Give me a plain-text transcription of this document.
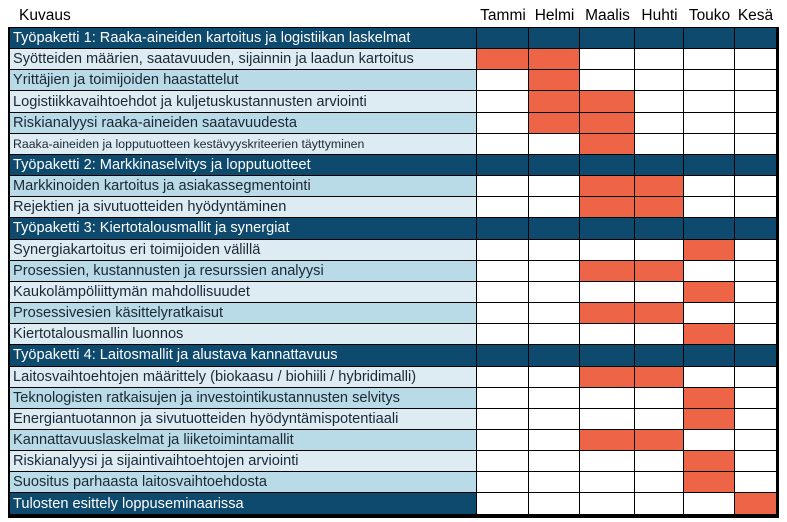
Kuvaus	Tammi Helmi Maalis Huhti Touko Kesä
Työpaketti 1: Raaka-aineiden kartoitus ja logistiikan laskelmat
Syötteiden määrien, saatavuuden, sijainnin ja laadun kartoitus
Yrittäjien ja toimijoiden haastattelut
Logistiikkavaihtoehdot ja kuljetuskustannusten arviointi
Riskianalyysi raaka-aineiden saatavuudesta
Raaka-aineiden ja lopputuotteen kestävyyskriteerien täyttyminen
Työpaketti 2: Markkinaselvitys ja lopputuotteet
Markkinoiden kartoitus ja asiakassegmentointi
Rejektien ja sivutuotteiden hyödyntäminen
Työpaketti 3: Kiertotalousmallit ja synergiat
Synergiakartoitus eri toimijoiden välillä
Prosessien, kustannusten ja resurssien analyysi
Kaukolämpöliittymän mahdollisuudet
Prosessivesien käsittelyratkaisut
Kiertotalousmallin luonnos
Työpaketti 4: Laitosmallit ja alustava kannattavuus
Laitosvaihtoehtojen määrittely (biokaasu / biohiili / hybridimalli)
Teknologisten ratkaisujen ja investointikustannusten selvitys
Energiantuotannon ja sivutuotteiden hyödyntämispotentiaali
Kannattavuuslaskelmat ja liiketoimintamallit
Riskianalyysi ja sijaintivaihtoehtojen arviointi
Suositus parhaasta laitosvaihtoehdosta
Tulosten esittely loppuseminaarissa
